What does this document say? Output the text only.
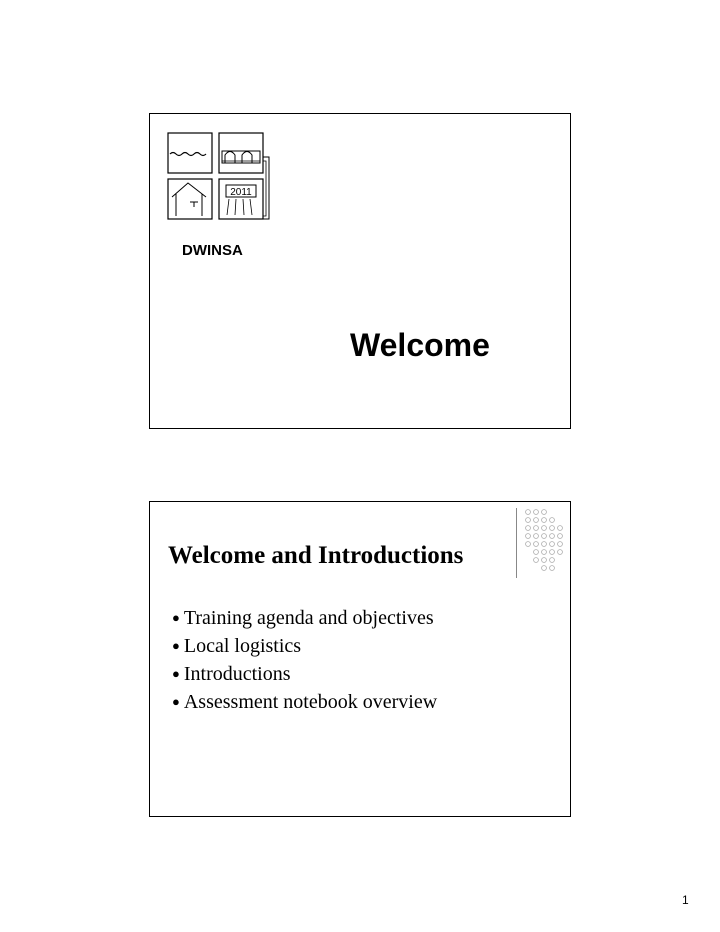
2011
DWINSA
Welcome
Welcome and Introductions
● Training agenda and objectives
● Local logistics
● Introductions
● Assessment notebook overview
1
